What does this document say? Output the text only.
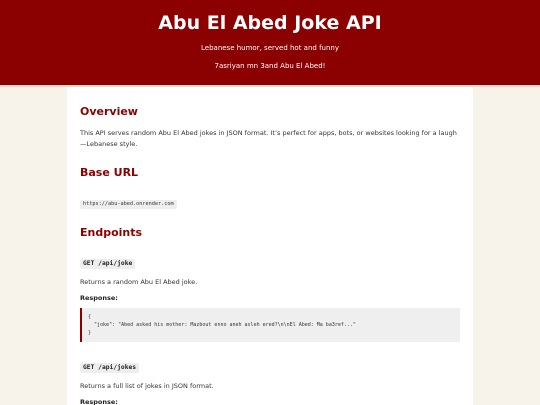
Abu El Abed Joke API
Lebanese humor, served hot and funny
7asriyan mn 3and Abu El Abed!
Overview

This API serves random Abu El Abed jokes in JSON format. It’s perfect for apps, bots, or websites looking for a laugh—Lebanese style.

Base URL
https://abu-abed.onrender.com
Endpoints
GET /api/joke

Returns a random Abu El Abed joke.

Response:

{
"joke": "Abed asked his mother: Mazbout enno aneh asleh ered?\n\nEl Abed: Ma ba3ref..."
}
GET /api/jokes

Returns a full list of jokes in JSON format.

Response:
